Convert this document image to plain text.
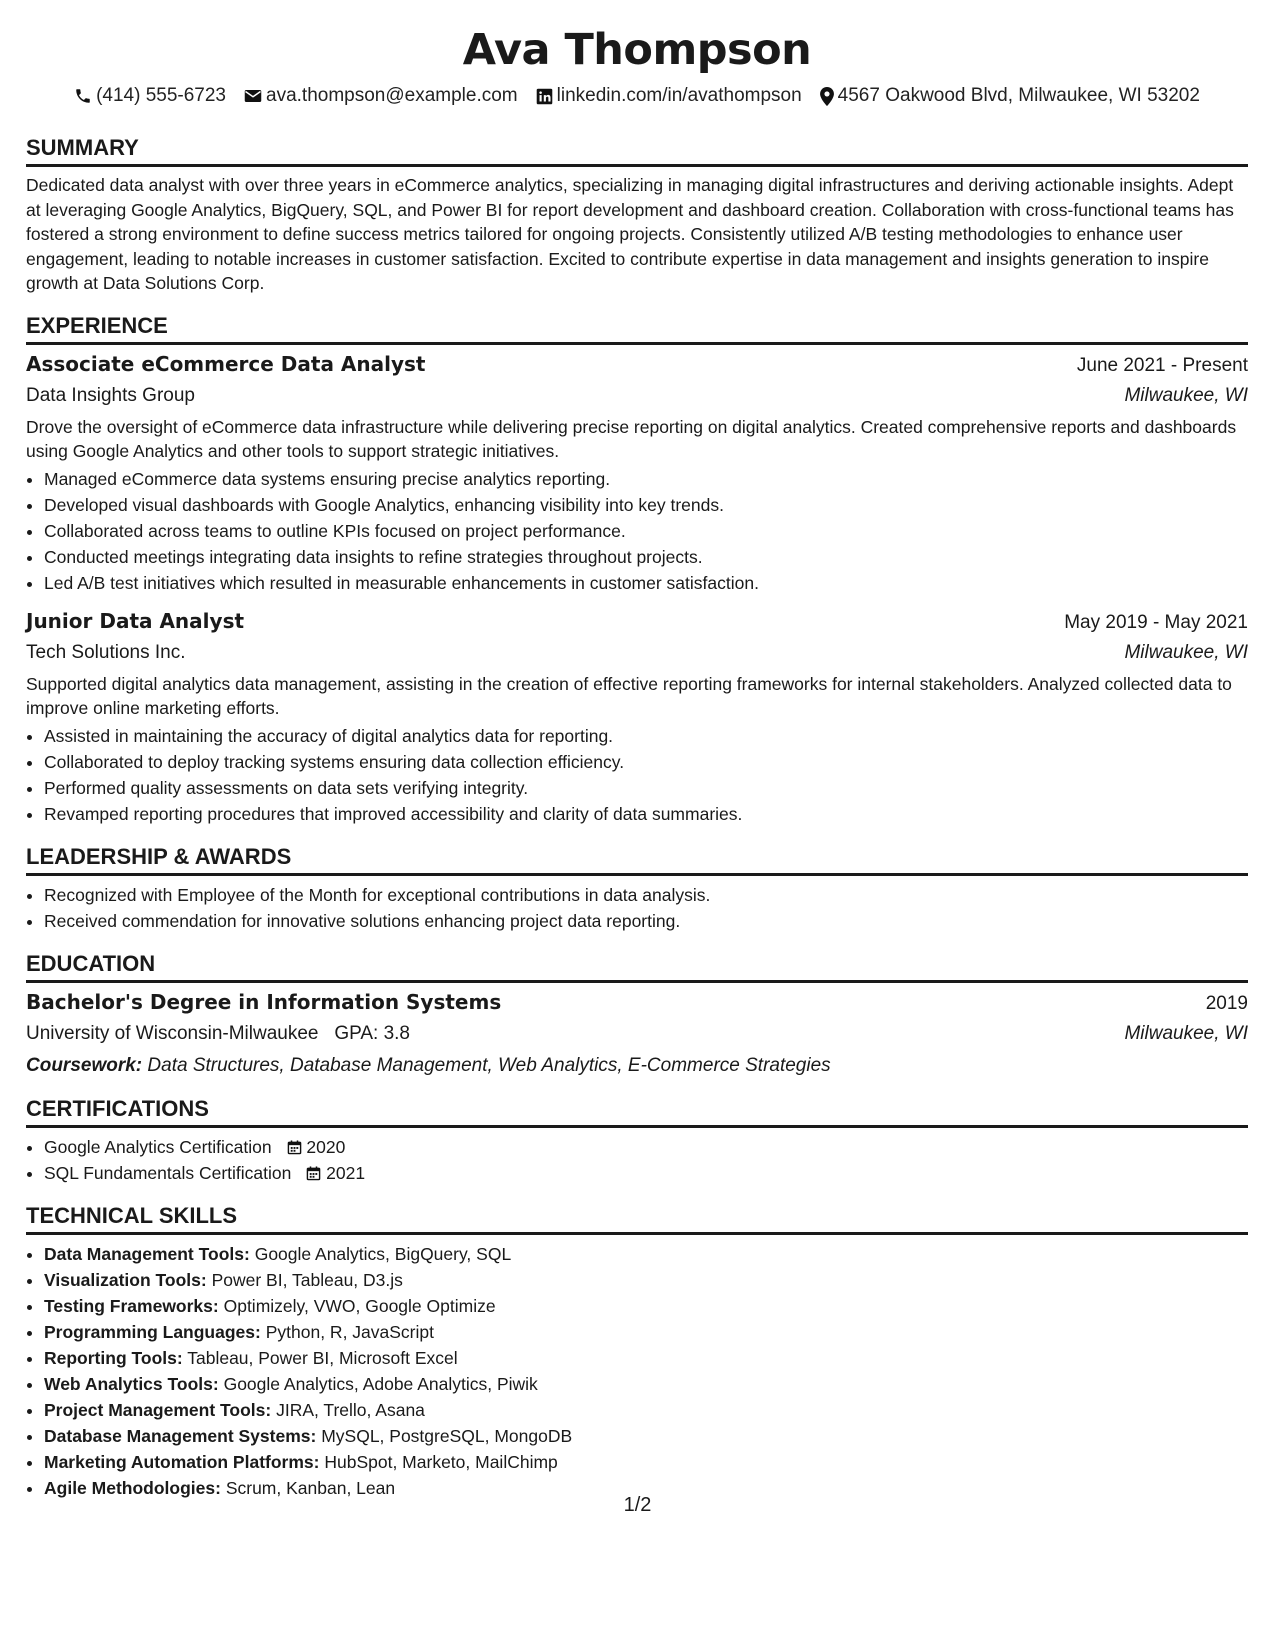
Ava Thompson
(414) 555-6723 ava.thompson@example.com linkedin.com/in/avathompson 4567 Oakwood Blvd, Milwaukee, WI 53202
SUMMARY
Dedicated data analyst with over three years in eCommerce analytics, specializing in managing digital infrastructures and deriving actionable insights. Adept at leveraging Google Analytics, BigQuery, SQL, and Power BI for report development and dashboard creation. Collaboration with cross-functional teams has fostered a strong environment to define success metrics tailored for ongoing projects. Consistently utilized A/B testing methodologies to enhance user engagement, leading to notable increases in customer satisfaction. Excited to contribute expertise in data management and insights generation to inspire growth at Data Solutions Corp.
EXPERIENCE
Associate eCommerce Data Analyst	June 2021 - Present
Data Insights Group	Milwaukee, WI
Drove the oversight of eCommerce data infrastructure while delivering precise reporting on digital analytics. Created comprehensive reports and dashboards using Google Analytics and other tools to support strategic initiatives.
• Managed eCommerce data systems ensuring precise analytics reporting.
• Developed visual dashboards with Google Analytics, enhancing visibility into key trends.
• Collaborated across teams to outline KPIs focused on project performance.
• Conducted meetings integrating data insights to refine strategies throughout projects.
• Led A/B test initiatives which resulted in measurable enhancements in customer satisfaction.
Junior Data Analyst	May 2019 - May 2021
Tech Solutions Inc.	Milwaukee, WI
Supported digital analytics data management, assisting in the creation of effective reporting frameworks for internal stakeholders. Analyzed collected data to improve online marketing efforts.
• Assisted in maintaining the accuracy of digital analytics data for reporting.
• Collaborated to deploy tracking systems ensuring data collection efficiency.
• Performed quality assessments on data sets verifying integrity.
• Revamped reporting procedures that improved accessibility and clarity of data summaries.
LEADERSHIP & AWARDS
• Recognized with Employee of the Month for exceptional contributions in data analysis.
• Received commendation for innovative solutions enhancing project data reporting.
EDUCATION
Bachelor's Degree in Information Systems	2019
University of Wisconsin-Milwaukee GPA: 3.8	Milwaukee, WI
Coursework: Data Structures, Database Management, Web Analytics, E-Commerce Strategies
CERTIFICATIONS
• Google Analytics Certification 2020
• SQL Fundamentals Certification 2021
TECHNICAL SKILLS
• Data Management Tools: Google Analytics, BigQuery, SQL
• Visualization Tools: Power BI, Tableau, D3.js
• Testing Frameworks: Optimizely, VWO, Google Optimize
• Programming Languages: Python, R, JavaScript
• Reporting Tools: Tableau, Power BI, Microsoft Excel
• Web Analytics Tools: Google Analytics, Adobe Analytics, Piwik
• Project Management Tools: JIRA, Trello, Asana
• Database Management Systems: MySQL, PostgreSQL, MongoDB
• Marketing Automation Platforms: HubSpot, Marketo, MailChimp
• Agile Methodologies: Scrum, Kanban, Lean
1/2
